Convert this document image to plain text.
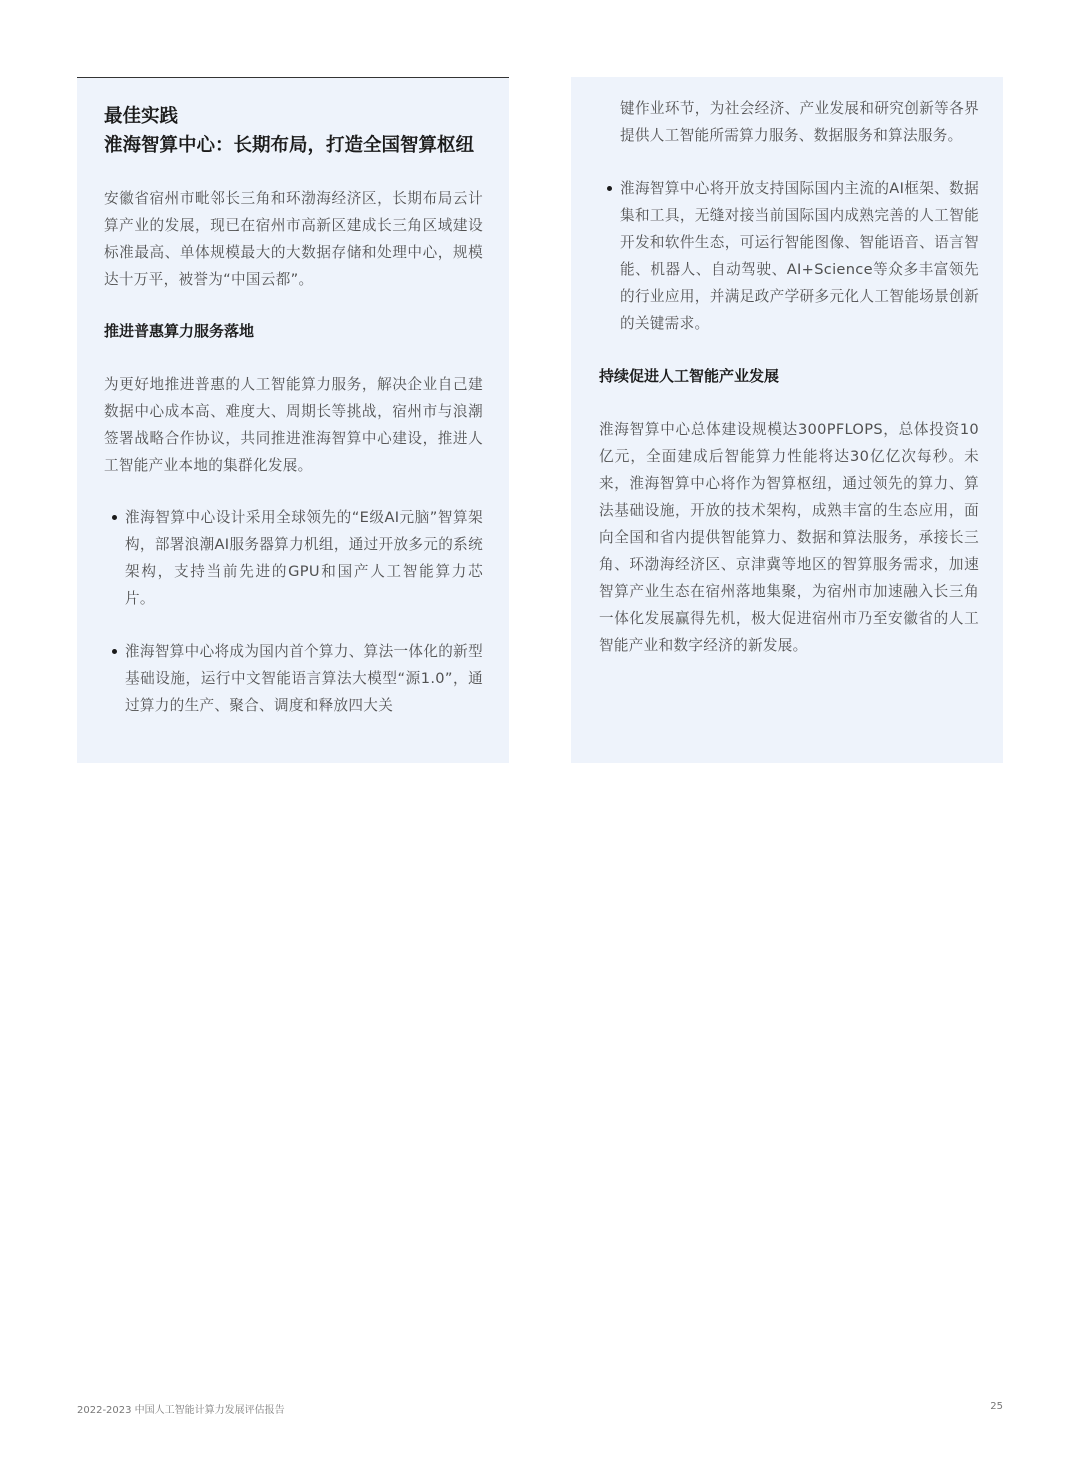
最佳实践

淮海智算中心：长期布局，打造全国智算枢纽

安徽省宿州市毗邻长三角和环渤海经济区，长期布局云计算产业的发展，现已在宿州市高新区建成长三角区域建设标准最高、单体规模最大的大数据存储和处理中心，规模达十万平，被誉为“中国云都”。

推进普惠算力服务落地

为更好地推进普惠的人工智能算力服务，解决企业自己建数据中心成本高、难度大、周期长等挑战，宿州市与浪潮签署战略合作协议，共同推进淮海智算中心建设，推进人工智能产业本地的集群化发展。

淮海智算中心设计采用全球领先的“E级AI元脑”智算架构，部署浪潮AI服务器算力机组，通过开放多元的系统架构，支持当前先进的GPU和国产人工智能算力芯片。
淮海智算中心将成为国内首个算力、算法一体化的新型基础设施，运行中文智能语言算法大模型“源1.0”，通过算力的生产、聚合、调度和释放四大关

键作业环节，为社会经济、产业发展和研究创新等各界提供人工智能所需算力服务、数据服务和算法服务。

淮海智算中心将开放支持国际国内主流的AI框架、数据集和工具，无缝对接当前国际国内成熟完善的人工智能开发和软件生态，可运行智能图像、智能语音、语言智能、机器人、自动驾驶、AI+Science等众多丰富领先的行业应用，并满足政产学研多元化人工智能场景创新的关键需求。

持续促进人工智能产业发展

淮海智算中心总体建设规模达300PFLOPS，总体投资10亿元，全面建成后智能算力性能将达30亿亿次每秒。未来，淮海智算中心将作为智算枢纽，通过领先的算力、算法基础设施，开放的技术架构，成熟丰富的生态应用，面向全国和省内提供智能算力、数据和算法服务，承接长三角、环渤海经济区、京津冀等地区的智算服务需求，加速智算产业生态在宿州落地集聚，为宿州市加速融入长三角一体化发展赢得先机，极大促进宿州市乃至安徽省的人工智能产业和数字经济的新发展。

2022-2023 中国人工智能计算力发展评估报告	25
